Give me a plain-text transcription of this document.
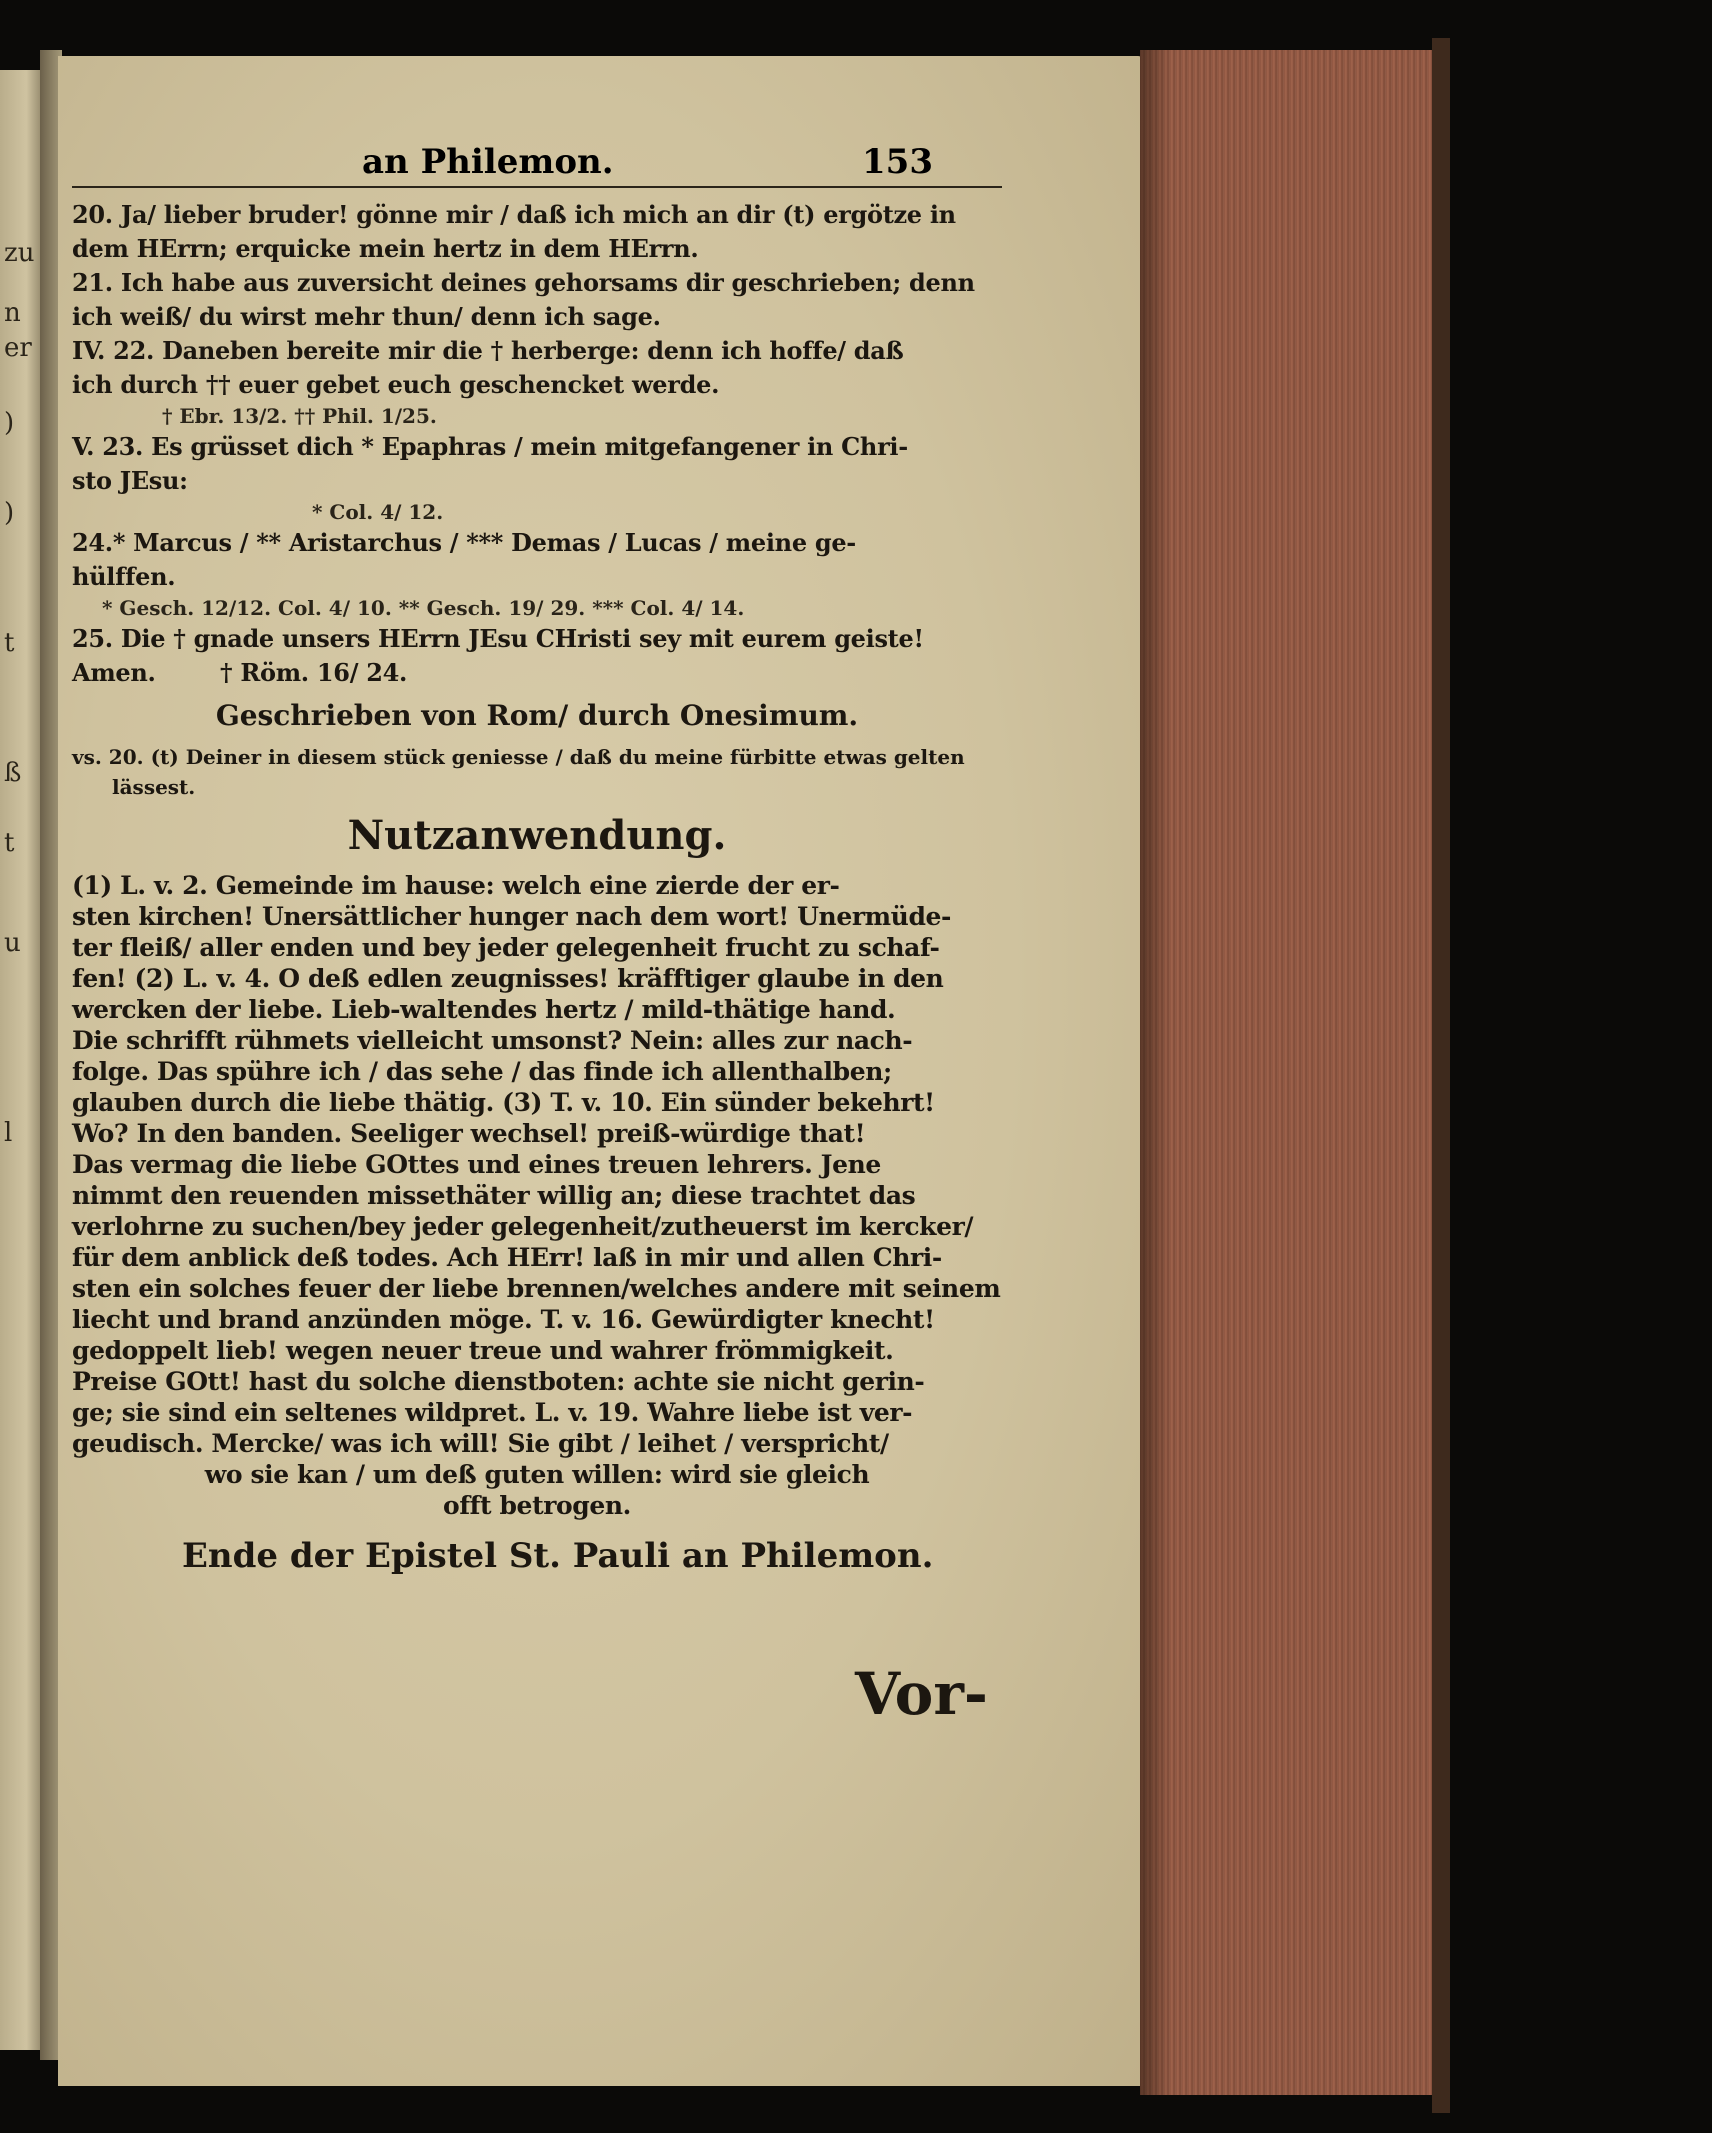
zu
n
er
)
)
t
ß
t
u
l
an Philemon.	153
20. Ja/ lieber bruder! gönne mir / daß ich mich an dir (t) ergötze in
dem HErrn; erquicke mein hertz in dem HErrn.
21. Ich habe aus zuversicht deines gehorsams dir geschrieben; denn
ich weiß/ du wirst mehr thun/ denn ich sage.
IV. 22. Daneben bereite mir die † herberge: denn ich hoffe/ daß
ich durch †† euer gebet euch geschencket werde.
† Ebr. 13/2. †† Phil. 1/25.
V. 23. Es grüsset dich * Epaphras / mein mitgefangener in Chri-
sto JEsu:
* Col. 4/ 12.
24.* Marcus / ** Aristarchus / *** Demas / Lucas / meine ge-
hülffen.
* Gesch. 12/12. Col. 4/ 10. ** Gesch. 19/ 29. *** Col. 4/ 14.
25. Die † gnade unsers HErrn JEsu CHristi sey mit eurem geiste!
Amen.        † Röm. 16/ 24.
Geschrieben von Rom/ durch Onesimum.
vs. 20. (t) Deiner in diesem stück geniesse / daß du meine fürbitte etwas gelten
lässest.
Nutzanwendung.
(1) L. v. 2. Gemeinde im hause: welch eine zierde der er-
sten kirchen! Unersättlicher hunger nach dem wort! Unermüde-
ter fleiß/ aller enden und bey jeder gelegenheit frucht zu schaf-
fen! (2) L. v. 4. O deß edlen zeugnisses! kräfftiger glaube in den
wercken der liebe. Lieb-waltendes hertz / mild-thätige hand.
Die schrifft rühmets vielleicht umsonst? Nein: alles zur nach-
folge. Das spühre ich / das sehe / das finde ich allenthalben;
glauben durch die liebe thätig. (3) T. v. 10. Ein sünder bekehrt!
Wo? In den banden. Seeliger wechsel! preiß-würdige that!
Das vermag die liebe GOttes und eines treuen lehrers. Jene
nimmt den reuenden missethäter willig an; diese trachtet das
verlohrne zu suchen/bey jeder gelegenheit/zutheuerst im kercker/
für dem anblick deß todes. Ach HErr! laß in mir und allen Chri-
sten ein solches feuer der liebe brennen/welches andere mit seinem
liecht und brand anzünden möge. T. v. 16. Gewürdigter knecht!
gedoppelt lieb! wegen neuer treue und wahrer frömmigkeit.
Preise GOtt! hast du solche dienstboten: achte sie nicht gerin-
ge; sie sind ein seltenes wildpret. L. v. 19. Wahre liebe ist ver-
geudisch. Mercke/ was ich will! Sie gibt / leihet / verspricht/
wo sie kan / um deß guten willen: wird sie gleich
offt betrogen.
Ende der Epistel St. Pauli an Philemon.
Vor-
